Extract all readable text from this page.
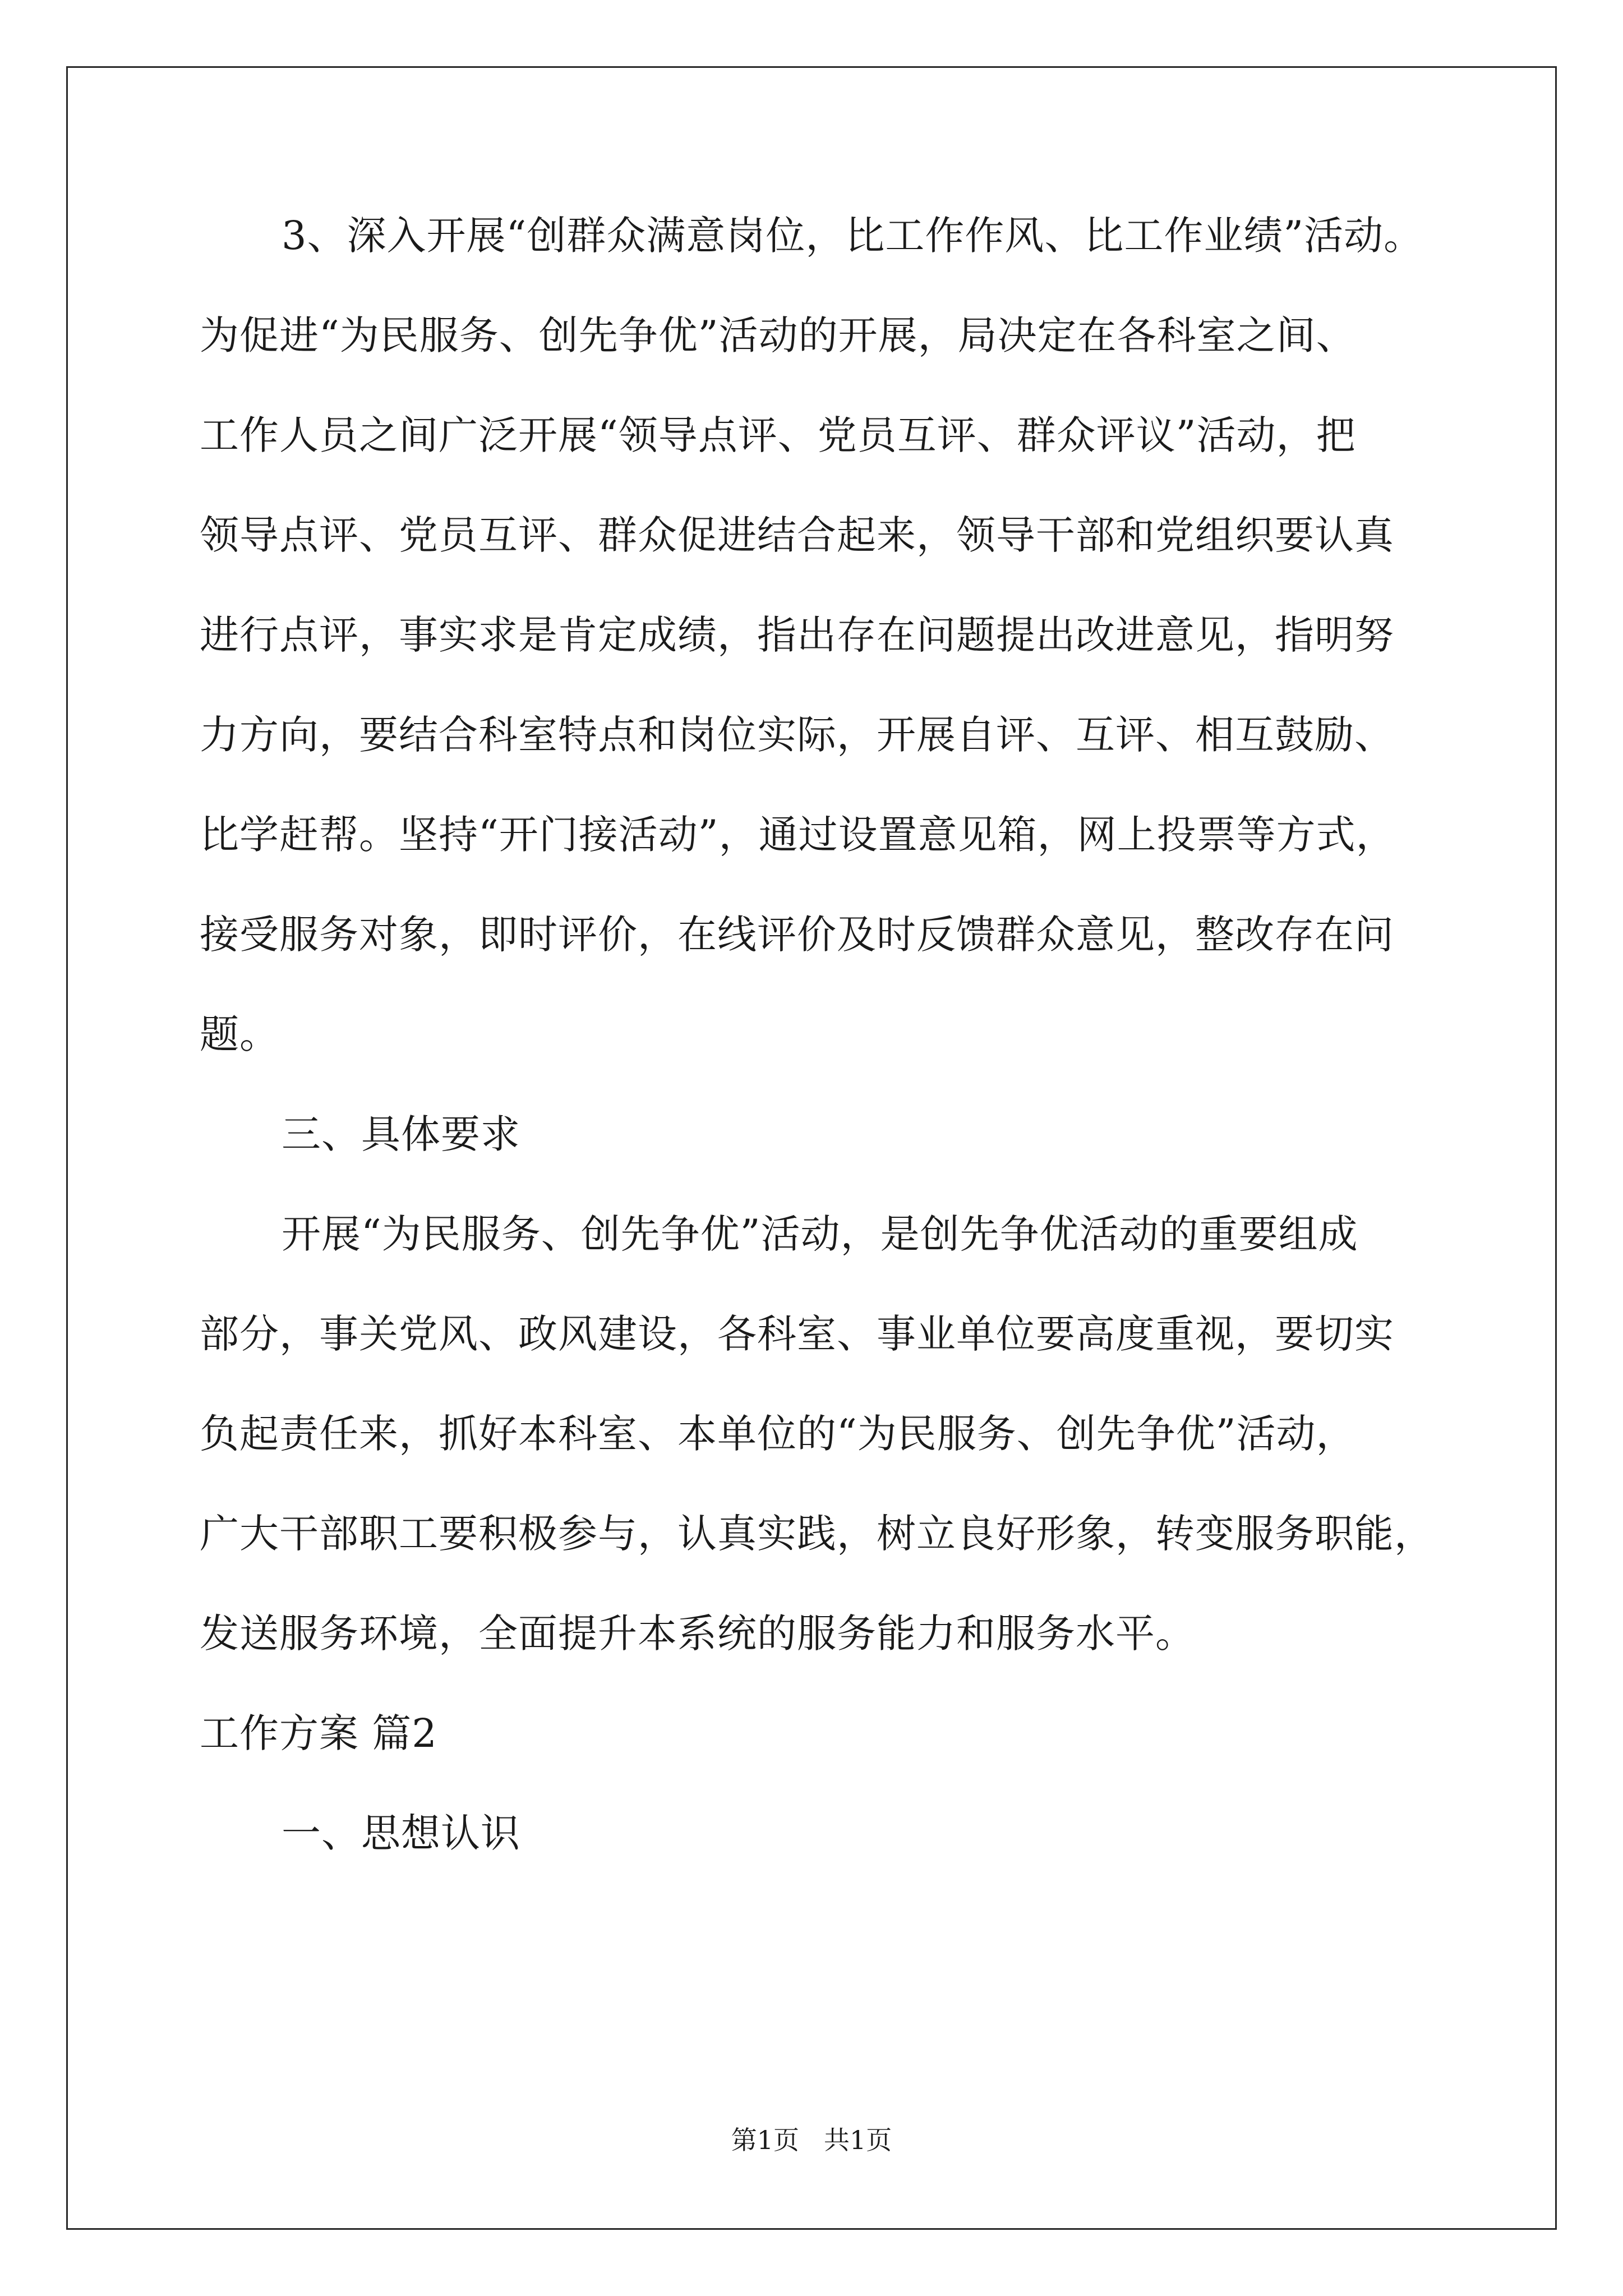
3、深入开展“创群众满意岗位，比工作作风、比工作业绩”活动。

为促进“为民服务、创先争优”活动的开展，局决定在各科室之间、

工作人员之间广泛开展“领导点评、党员互评、群众评议”活动，把

领导点评、党员互评、群众促进结合起来，领导干部和党组织要认真

进行点评，事实求是肯定成绩，指出存在问题提出改进意见，指明努

力方向，要结合科室特点和岗位实际，开展自评、互评、相互鼓励、

比学赶帮。坚持“开门接活动”，通过设置意见箱，网上投票等方式，

接受服务对象，即时评价，在线评价及时反馈群众意见，整改存在问

题。

三、具体要求

开展“为民服务、创先争优”活动，是创先争优活动的重要组成

部分，事关党风、政风建设，各科室、事业单位要高度重视，要切实

负起责任来，抓好本科室、本单位的“为民服务、创先争优”活动，

广大干部职工要积极参与，认真实践，树立良好形象，转变服务职能，

发送服务环境，全面提升本系统的服务能力和服务水平。

工作方案 篇2

一、思想认识

第1页 共1页
